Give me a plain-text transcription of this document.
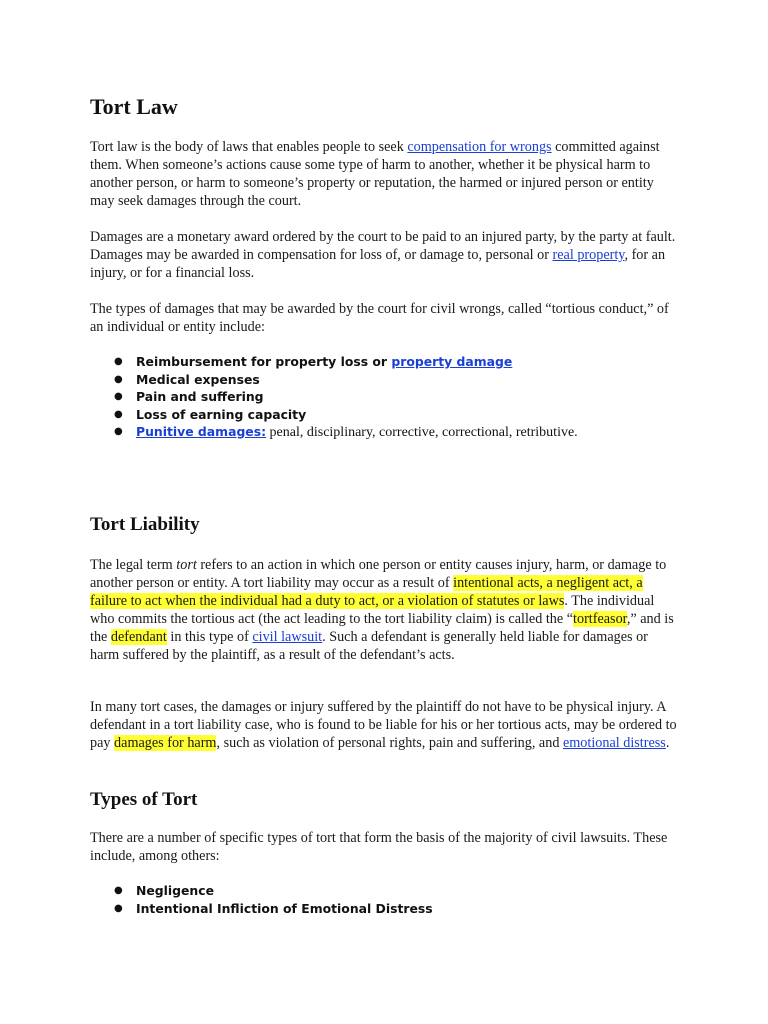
Tort Law

Tort law is the body of laws that enables people to seek compensation for wrongs committed against them. When someone’s actions cause some type of harm to another, whether it be physical harm to another person, or harm to someone’s property or reputation, the harmed or injured person or entity may seek damages through the court.

Damages are a monetary award ordered by the court to be paid to an injured party, by the party at fault. Damages may be awarded in compensation for loss of, or damage to, personal or real property, for an injury, or for a financial loss.

The types of damages that may be awarded by the court for civil wrongs, called “tortious conduct,” of an individual or entity include:

● Reimbursement for property loss or property damage
● Medical expenses
● Pain and suffering
● Loss of earning capacity
● Punitive damages: penal, disciplinary, corrective, correctional, retributive.
Tort Liability

The legal term tort refers to an action in which one person or entity causes injury, harm, or damage to another person or entity. A tort liability may occur as a result of intentional acts, a negligent act, a failure to act when the individual had a duty to act, or a violation of statutes or laws. The individual who commits the tortious act (the act leading to the tort liability claim) is called the “tortfeasor,” and is the defendant in this type of civil lawsuit. Such a defendant is generally held liable for damages or harm suffered by the plaintiff, as a result of the defendant’s acts.

In many tort cases, the damages or injury suffered by the plaintiff do not have to be physical injury. A defendant in a tort liability case, who is found to be liable for his or her tortious acts, may be ordered to pay damages for harm, such as violation of personal rights, pain and suffering, and emotional distress.

Types of Tort

There are a number of specific types of tort that form the basis of the majority of civil lawsuits. These include, among others:

● Negligence
● Intentional Infliction of Emotional Distress
